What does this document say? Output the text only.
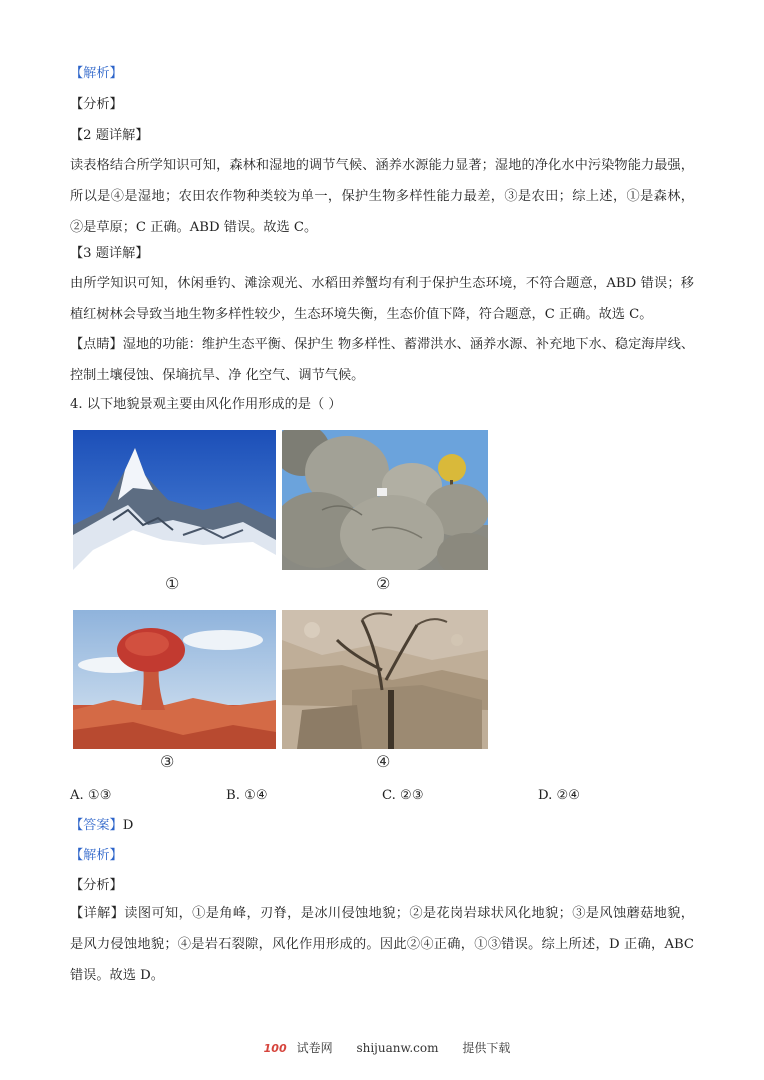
【解析】
【分析】
【2 题详解】
读表格结合所学知识可知，森林和湿地的调节气候、涵养水源能力显著；湿地的净化水中污染物能力最强，
所以是④是湿地；农田农作物种类较为单一，保护生物多样性能力最差，③是农田；综上述，①是森林，
②是草原；C 正确。ABD 错误。故选 C。
【3 题详解】
由所学知识可知，休闲垂钓、滩涂观光、水稻田养蟹均有利于保护生态环境，不符合题意，ABD 错误；移
植红树林会导致当地生物多样性较少，生态环境失衡，生态价值下降，符合题意，C 正确。故选 C。
【点睛】湿地的功能：维护生态平衡、保护生 物多样性、蓄滞洪水、涵养水源、补充地下水、稳定海岸线、
控制土壤侵蚀、保墒抗旱、净 化空气、调节气候。
4. 以下地貌景观主要由风化作用形成的是（ ）
①	②
③	④
A. ①③	B. ①④	C. ②③	D. ②④
【答案】D
【解析】
【分析】
【详解】读图可知，①是角峰，刃脊，是冰川侵蚀地貌；②是花岗岩球状风化地貌；③是风蚀蘑菇地貌，
是风力侵蚀地貌；④是岩石裂隙，风化作用形成的。因此②④正确，①③错误。综上所述，D 正确，ABC
错误。故选 D。
100 试卷网 shijuanw.com 提供下载
